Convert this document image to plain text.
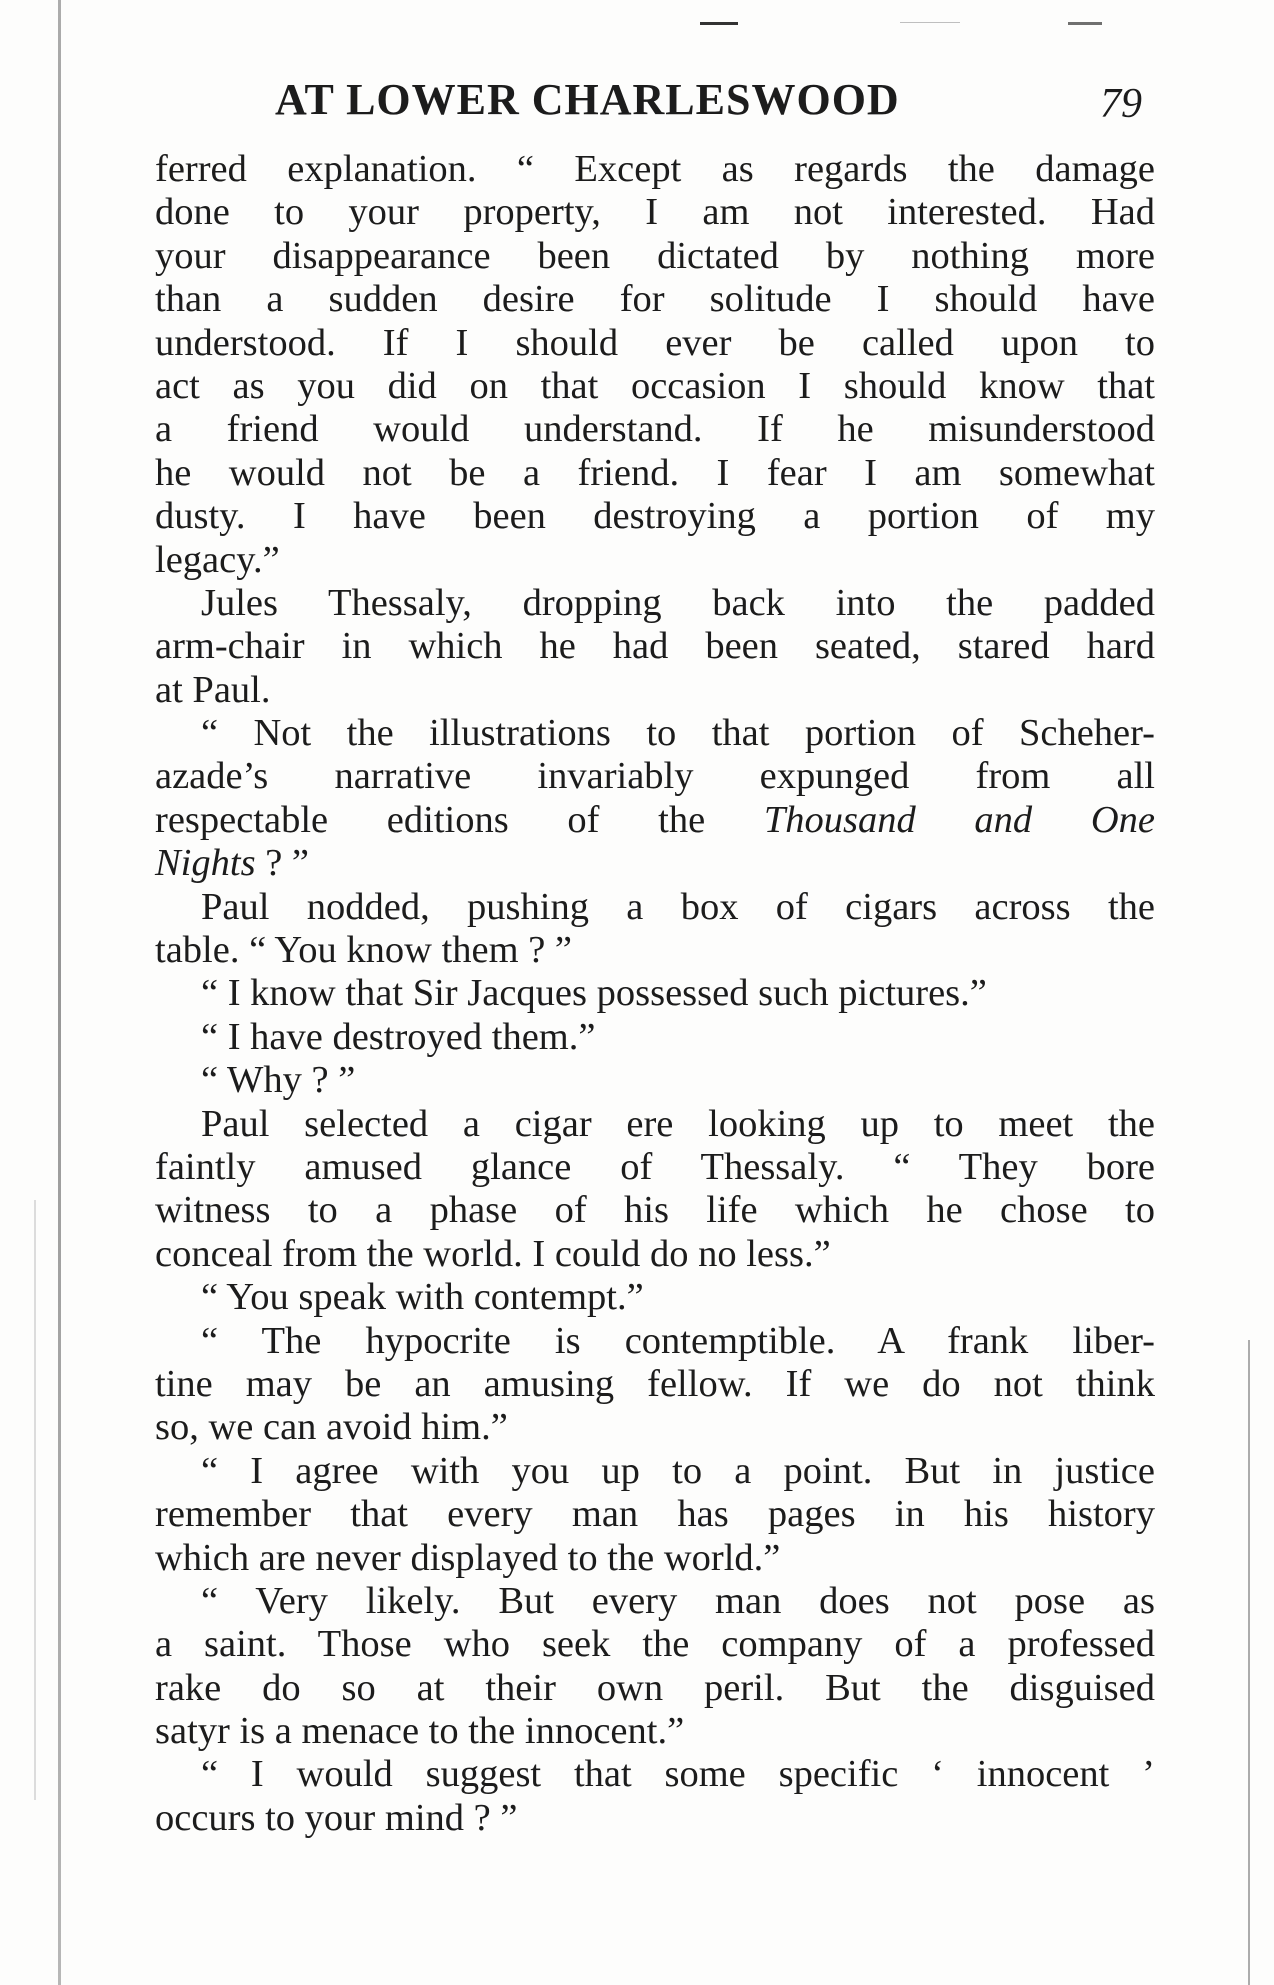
AT LOWER CHARLESWOOD	79
ferred explanation. “ Except as regards the damage
done to your property, I am not interested. Had
your disappearance been dictated by nothing more
than a sudden desire for solitude I should have
understood. If I should ever be called upon to
act as you did on that occasion I should know that
a friend would understand. If he misunderstood
he would not be a friend. I fear I am somewhat
dusty. I have been destroying a portion of my
legacy.”
Jules Thessaly, dropping back into the padded
arm-chair in which he had been seated, stared hard
at Paul.
“ Not the illustrations to that portion of Scheher-
azade’s narrative invariably expunged from all
respectable editions of the Thousand and One
Nights ? ”
Paul nodded, pushing a box of cigars across the
table. “ You know them ? ”
“ I know that Sir Jacques possessed such pictures.”
“ I have destroyed them.”
“ Why ? ”
Paul selected a cigar ere looking up to meet the
faintly amused glance of Thessaly. “ They bore
witness to a phase of his life which he chose to
conceal from the world. I could do no less.”
“ You speak with contempt.”
“ The hypocrite is contemptible. A frank liber-
tine may be an amusing fellow. If we do not think
so, we can avoid him.”
“ I agree with you up to a point. But in justice
remember that every man has pages in his history
which are never displayed to the world.”
“ Very likely. But every man does not pose as
a saint. Those who seek the company of a professed
rake do so at their own peril. But the disguised
satyr is a menace to the innocent.”
“ I would suggest that some specific ‘ innocent ’
occurs to your mind ? ”
